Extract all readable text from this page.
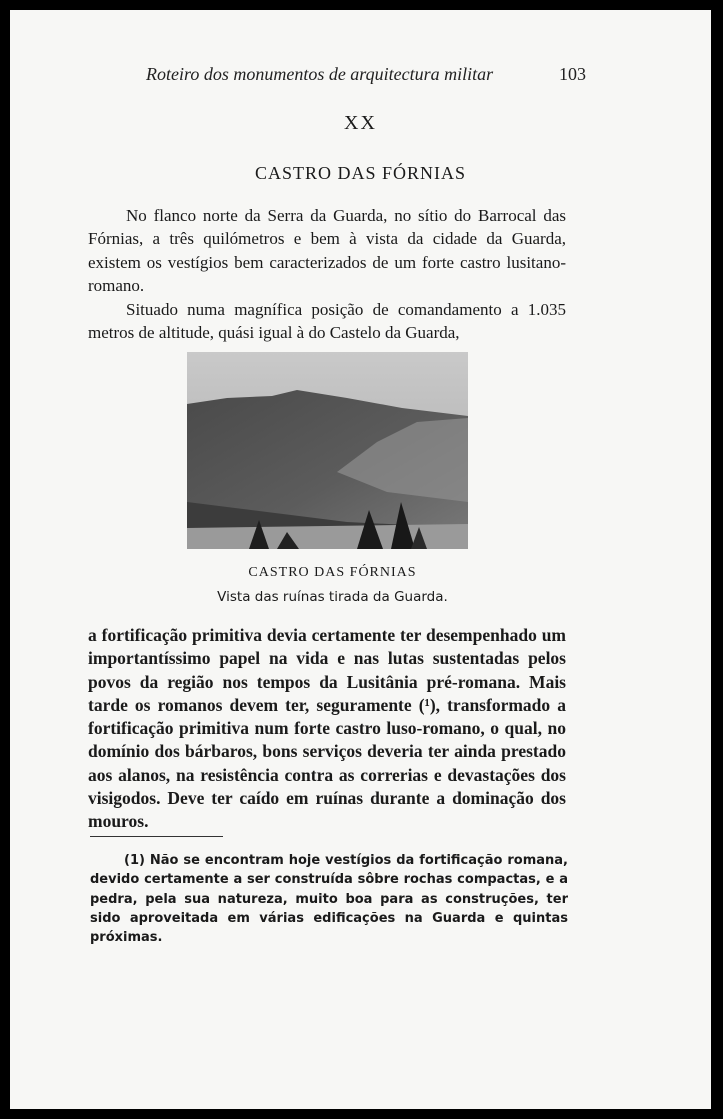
Roteiro dos monumentos de arquitectura militar	103
XX
CASTRO DAS FÓRNIAS

No flanco norte da Serra da Guarda, no sítio do Barrocal das Fórnias, a três quilómetros e bem à vista da cidade da Guarda, existem os vestígios bem caracterizados de um forte castro lusitano-romano.

Situado numa magnífica posição de comandamento a 1.035 metros de altitude, quási igual à do Castelo da Guarda,

CASTRO DAS FÓRNIAS
Vista das ruínas tirada da Guarda.

a fortificação primitiva devia certamente ter desempenhado um importantíssimo papel na vida e nas lutas sustentadas pelos povos da região nos tempos da Lusitânia pré-romana. Mais tarde os romanos devem ter, seguramente (¹), transformado a fortificação primitiva num forte castro luso-romano, o qual, no domínio dos bárbaros, bons serviços deveria ter ainda prestado aos alanos, na resistência contra as correrias e devastações dos visigodos. Deve ter caído em ruínas durante a dominação dos mouros.

(1) Não se encontram hoje vestígios da fortificação romana, devido certamente a ser construída sôbre rochas compactas, e a pedra, pela sua natureza, muito boa para as construções, ter sido aproveitada em várias edificações na Guarda e quintas próximas.
